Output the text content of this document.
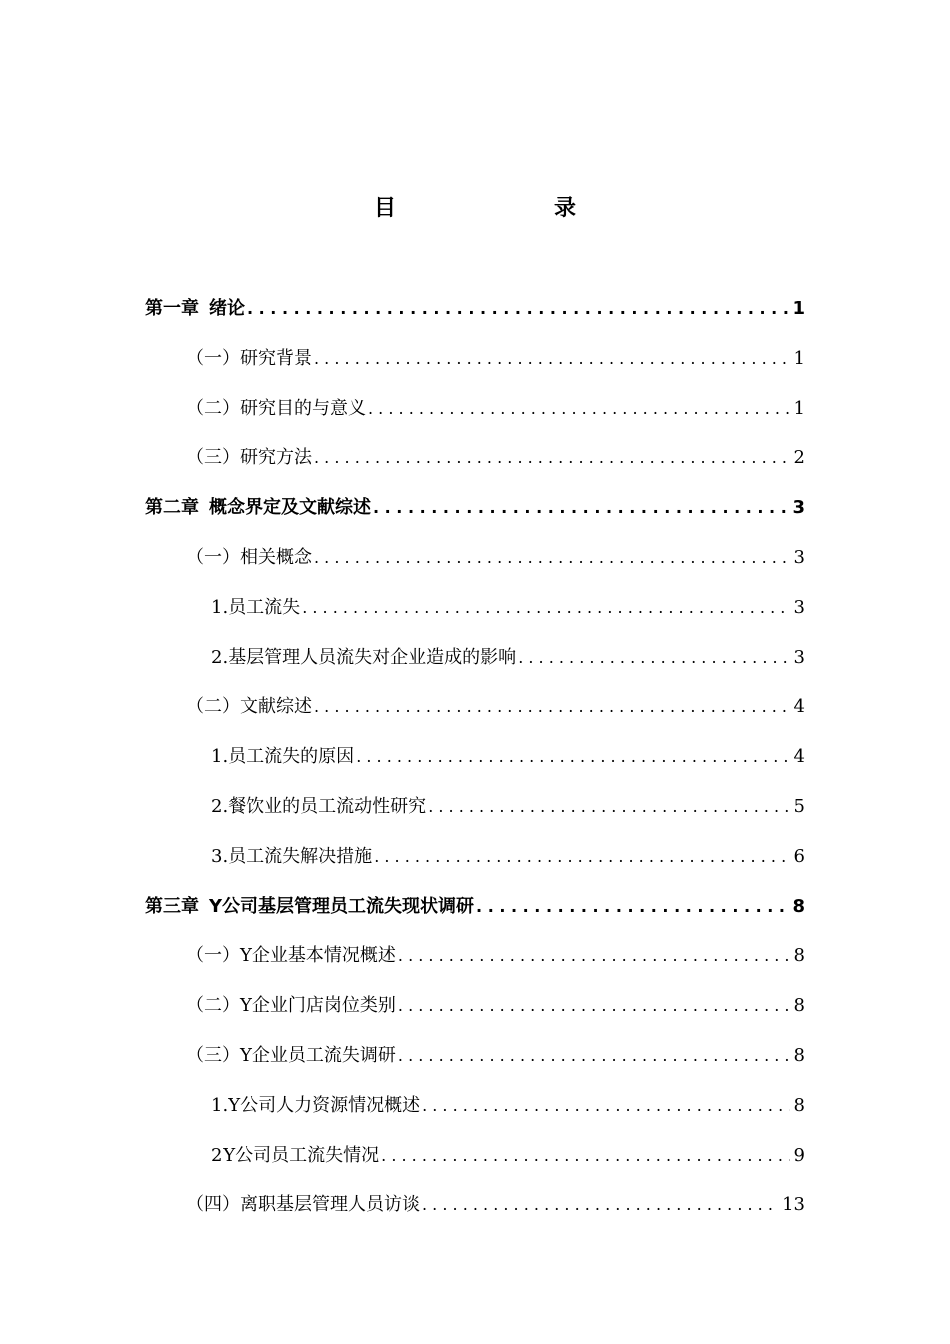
目　　录
第一章 绪论 . . .	1
（一） 研究背景 . . .	1
（二） 研究目的与意义 . . .	1
（三） 研究方法 . . .	2
第二章 概念界定及文献综述 . . .	3
（一） 相关概念 . . .	3
1. 员工流失 . . .	3
2. 基层管理人员流失对企业造成的影响 . . .	3
（二） 文献综述 . . .	4
1. 员工流失的原因 . . .	4
2. 餐饮业的员工流动性研究 . . .	5
3. 员工流失解决措施 . . .	6
第三章 Y公司基层管理员工流失现状调研 . . .	8
（一） Y企业基本情况概述 . . .	8
（二） Y企业门店岗位类别 . . .	8
（三） Y企业员工流失调研 . . .	8
1. Y公司人力资源情况概述 . . .	8
2 Y公司员工流失情况 . . .	9
（四） 离职基层管理人员访谈 . . .	13
